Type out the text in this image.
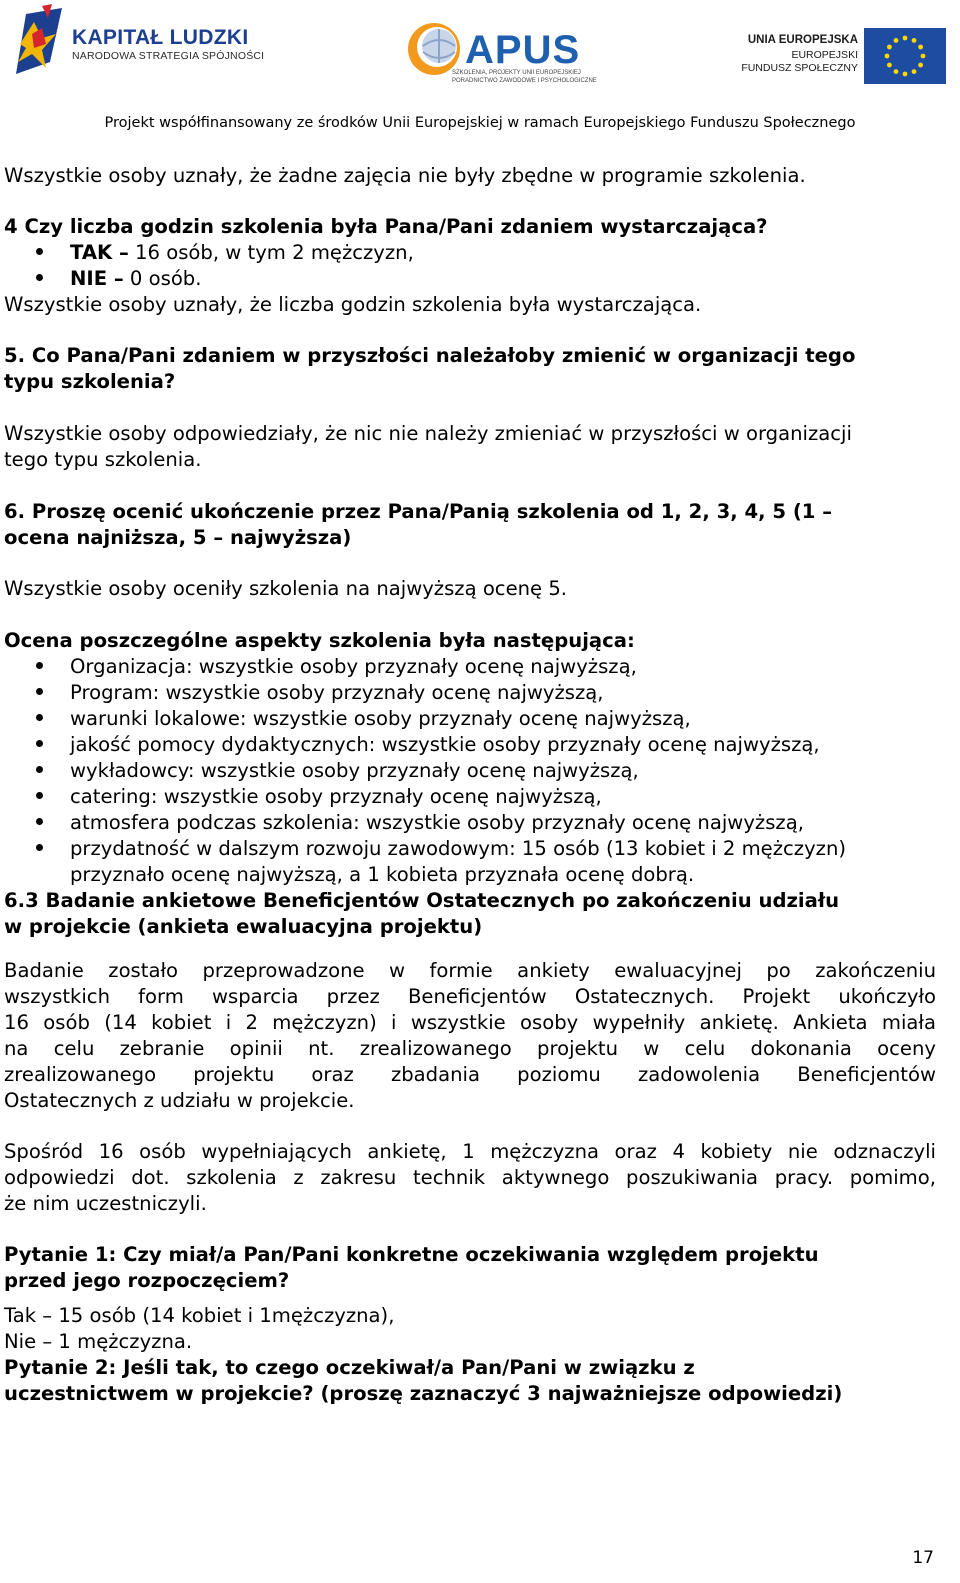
KAPITAŁ LUDZKI
NARODOWA STRATEGIA SPÓJNOŚCI	APUS
SZKOLENIA, PROJEKTY UNII EUROPEJSKIEJ
PORADNICTWO ZAWODOWE I PSYCHOLOGICZNE
UNIA EUROPEJSKA
EUROPEJSKI
FUNDUSZ SPOŁECZNY
Projekt współfinansowany ze środków Unii Europejskiej w ramach Europejskiego Funduszu Społecznego
Wszystkie osoby uznały, że żadne zajęcia nie były zbędne w programie szkolenia.
4 Czy liczba godzin szkolenia była Pana/Pani zdaniem wystarczająca?
TAK – 16 osób, w tym 2 mężczyzn,
NIE – 0 osób.
Wszystkie osoby uznały, że liczba godzin szkolenia była wystarczająca.
5. Co Pana/Pani zdaniem w przyszłości należałoby zmienić w organizacji tego
typu szkolenia?
Wszystkie osoby odpowiedziały, że nic nie należy zmieniać w przyszłości w organizacji
tego typu szkolenia.
6. Proszę ocenić ukończenie przez Pana/Panią szkolenia od 1, 2, 3, 4, 5 (1 –
ocena najniższa, 5 – najwyższa)
Wszystkie osoby oceniły szkolenia na najwyższą ocenę 5.
Ocena poszczególne aspekty szkolenia była następująca:
Organizacja: wszystkie osoby przyznały ocenę najwyższą,
Program: wszystkie osoby przyznały ocenę najwyższą,
warunki lokalowe: wszystkie osoby przyznały ocenę najwyższą,
jakość pomocy dydaktycznych: wszystkie osoby przyznały ocenę najwyższą,
wykładowcy: wszystkie osoby przyznały ocenę najwyższą,
catering: wszystkie osoby przyznały ocenę najwyższą,
atmosfera podczas szkolenia: wszystkie osoby przyznały ocenę najwyższą,
przydatność w dalszym rozwoju zawodowym: 15 osób (13 kobiet i 2 mężczyzn)
przyznało ocenę najwyższą, a 1 kobieta przyznała ocenę dobrą.
6.3 Badanie ankietowe Beneficjentów Ostatecznych po zakończeniu udziału
w projekcie (ankieta ewaluacyjna projektu)
Badanie zostało przeprowadzone w formie ankiety ewaluacyjnej po zakończeniu
wszystkich form wsparcia przez Beneficjentów Ostatecznych. Projekt ukończyło
16 osób (14 kobiet i 2 mężczyzn) i wszystkie osoby wypełniły ankietę. Ankieta miała
na celu zebranie opinii nt. zrealizowanego projektu w celu dokonania oceny
zrealizowanego projektu oraz zbadania poziomu zadowolenia Beneficjentów
Ostatecznych z udziału w projekcie.
Spośród 16 osób wypełniających ankietę, 1 mężczyzna oraz 4 kobiety nie odznaczyli
odpowiedzi dot. szkolenia z zakresu technik aktywnego poszukiwania pracy. pomimo,
że nim uczestniczyli.
Pytanie 1: Czy miał/a Pan/Pani konkretne oczekiwania względem projektu
przed jego rozpoczęciem?
Tak – 15 osób (14 kobiet i 1mężczyzna),
Nie – 1 mężczyzna.
Pytanie 2: Jeśli tak, to czego oczekiwał/a Pan/Pani w związku z
uczestnictwem w projekcie? (proszę zaznaczyć 3 najważniejsze odpowiedzi)
17
